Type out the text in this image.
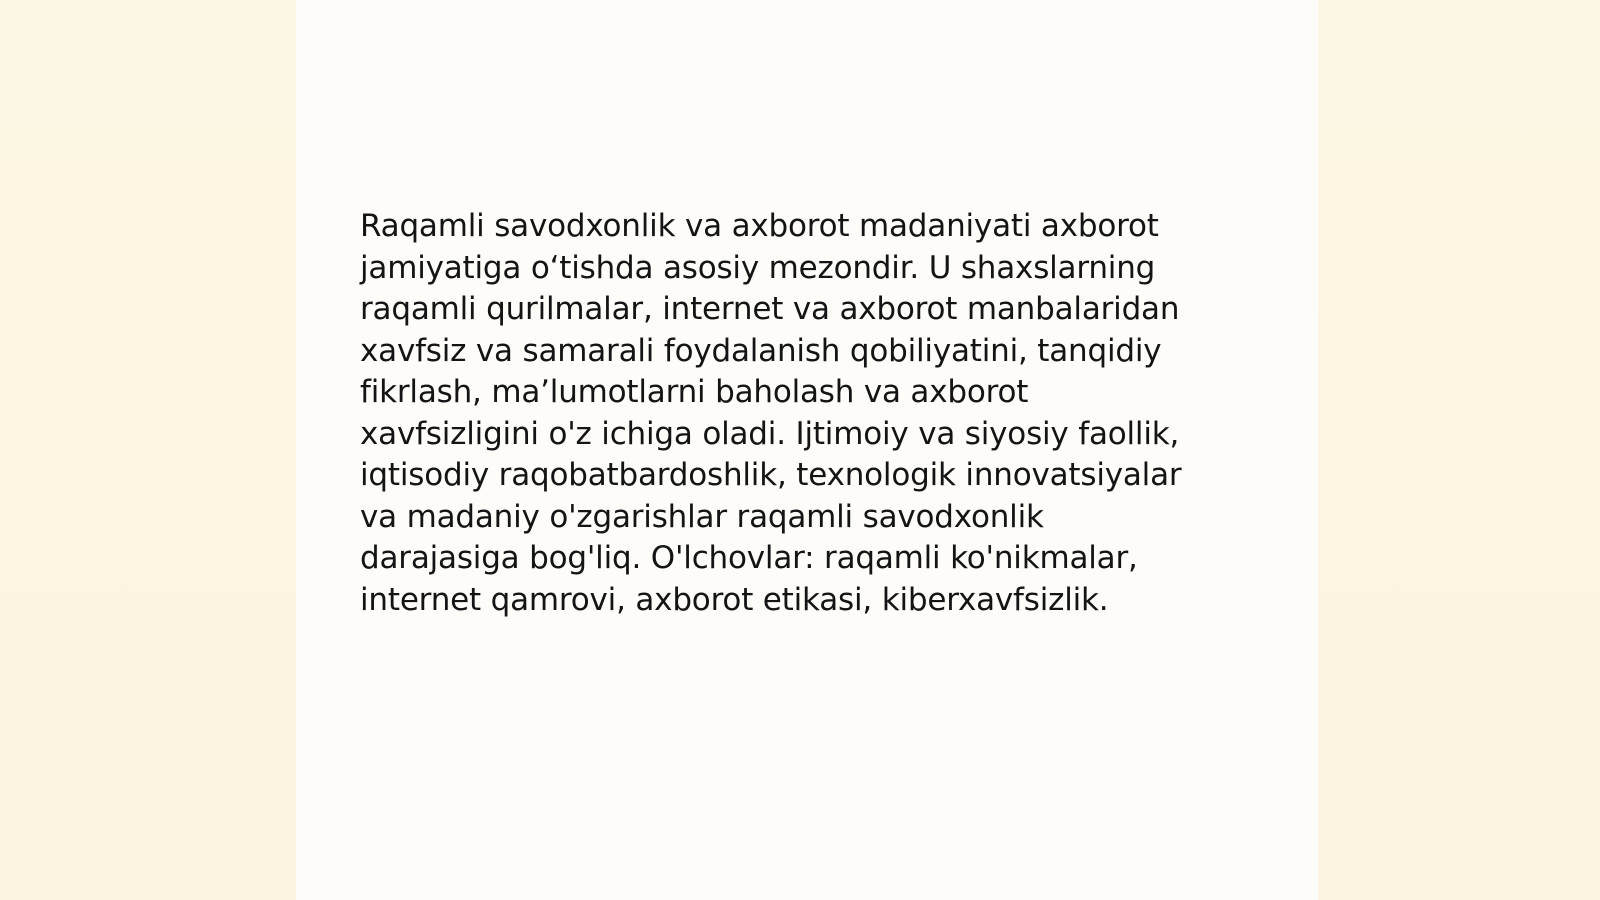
Raqamli savodxonlik va axborot madaniyati axborot
jamiyatiga o‘tishda asosiy mezondir. U shaxslarning
raqamli qurilmalar, internet va axborot manbalaridan
xavfsiz va samarali foydalanish qobiliyatini, tanqidiy
fikrlash, ma’lumotlarni baholash va axborot
xavfsizligini o'z ichiga oladi. Ijtimoiy va siyosiy faollik,
iqtisodiy raqobatbardoshlik, texnologik innovatsiyalar
va madaniy o'zgarishlar raqamli savodxonlik
darajasiga bog'liq. O'lchovlar: raqamli ko'nikmalar,
internet qamrovi, axborot etikasi, kiberxavfsizlik.
